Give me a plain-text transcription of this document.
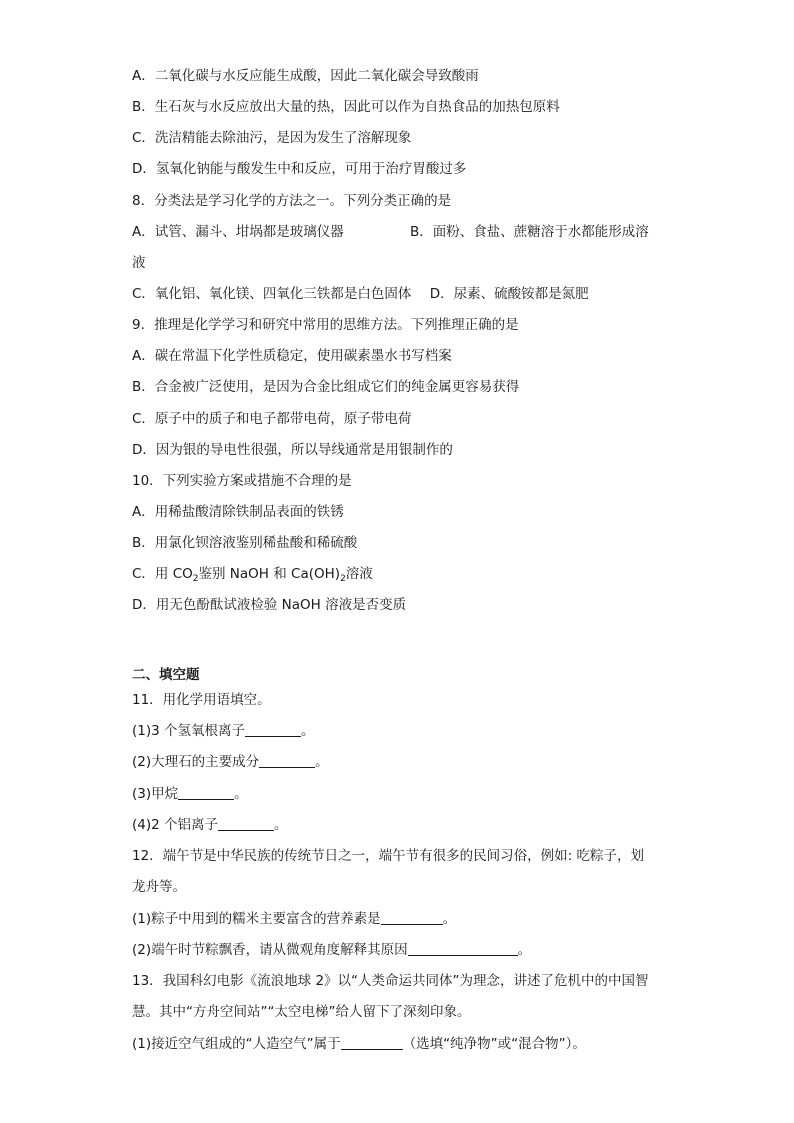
A．二氧化碳与水反应能生成酸，因此二氧化碳会导致酸雨
B．生石灰与水反应放出大量的热，因此可以作为自热食品的加热包原料
C．洗洁精能去除油污，是因为发生了溶解现象
D．氢氧化钠能与酸发生中和反应，可用于治疗胃酸过多
8．分类法是学习化学的方法之一。下列分类正确的是
A．试管、漏斗、坩埚都是玻璃仪器	B．面粉、食盐、蔗糖溶于水都能形成溶
液
C．氧化铝、氧化镁、四氧化三铁都是白色固体 D．尿素、硫酸铵都是氮肥
9．推理是化学学习和研究中常用的思维方法。下列推理正确的是
A．碳在常温下化学性质稳定，使用碳素墨水书写档案
B．合金被广泛使用，是因为合金比组成它们的纯金属更容易获得
C．原子中的质子和电子都带电荷，原子带电荷
D．因为银的导电性很强，所以导线通常是用银制作的
10．下列实验方案或措施不合理的是
A．用稀盐酸清除铁制品表面的铁锈
B．用氯化钡溶液鉴别稀盐酸和稀硫酸
C．用 $CO_2$鉴别 NaOH 和 $Ca(OH)_2$溶液
D．用无色酚酞试液检验 NaOH 溶液是否变质
二、填空题
11．用化学用语填空。
(1)3 个氢氧根离子	。
(2)大理石的主要成分	。
(3)甲烷	。
(4)2 个铝离子	。
12．端午节是中华民族的传统节日之一，端午节有很多的民间习俗，例如: 吃粽子，划
龙舟等。
(1)粽子中用到的糯米主要富含的营养素是	。
(2)端午时节粽飘香，请从微观角度解释其原因	。
13．我国科幻电影《流浪地球 2》以“人类命运共同体”为理念，讲述了危机中的中国智
慧。其中“方舟空间站”“太空电梯”给人留下了深刻印象。
(1)接近空气组成的“人造空气”属于	（选填“纯净物”或“混合物”）。
